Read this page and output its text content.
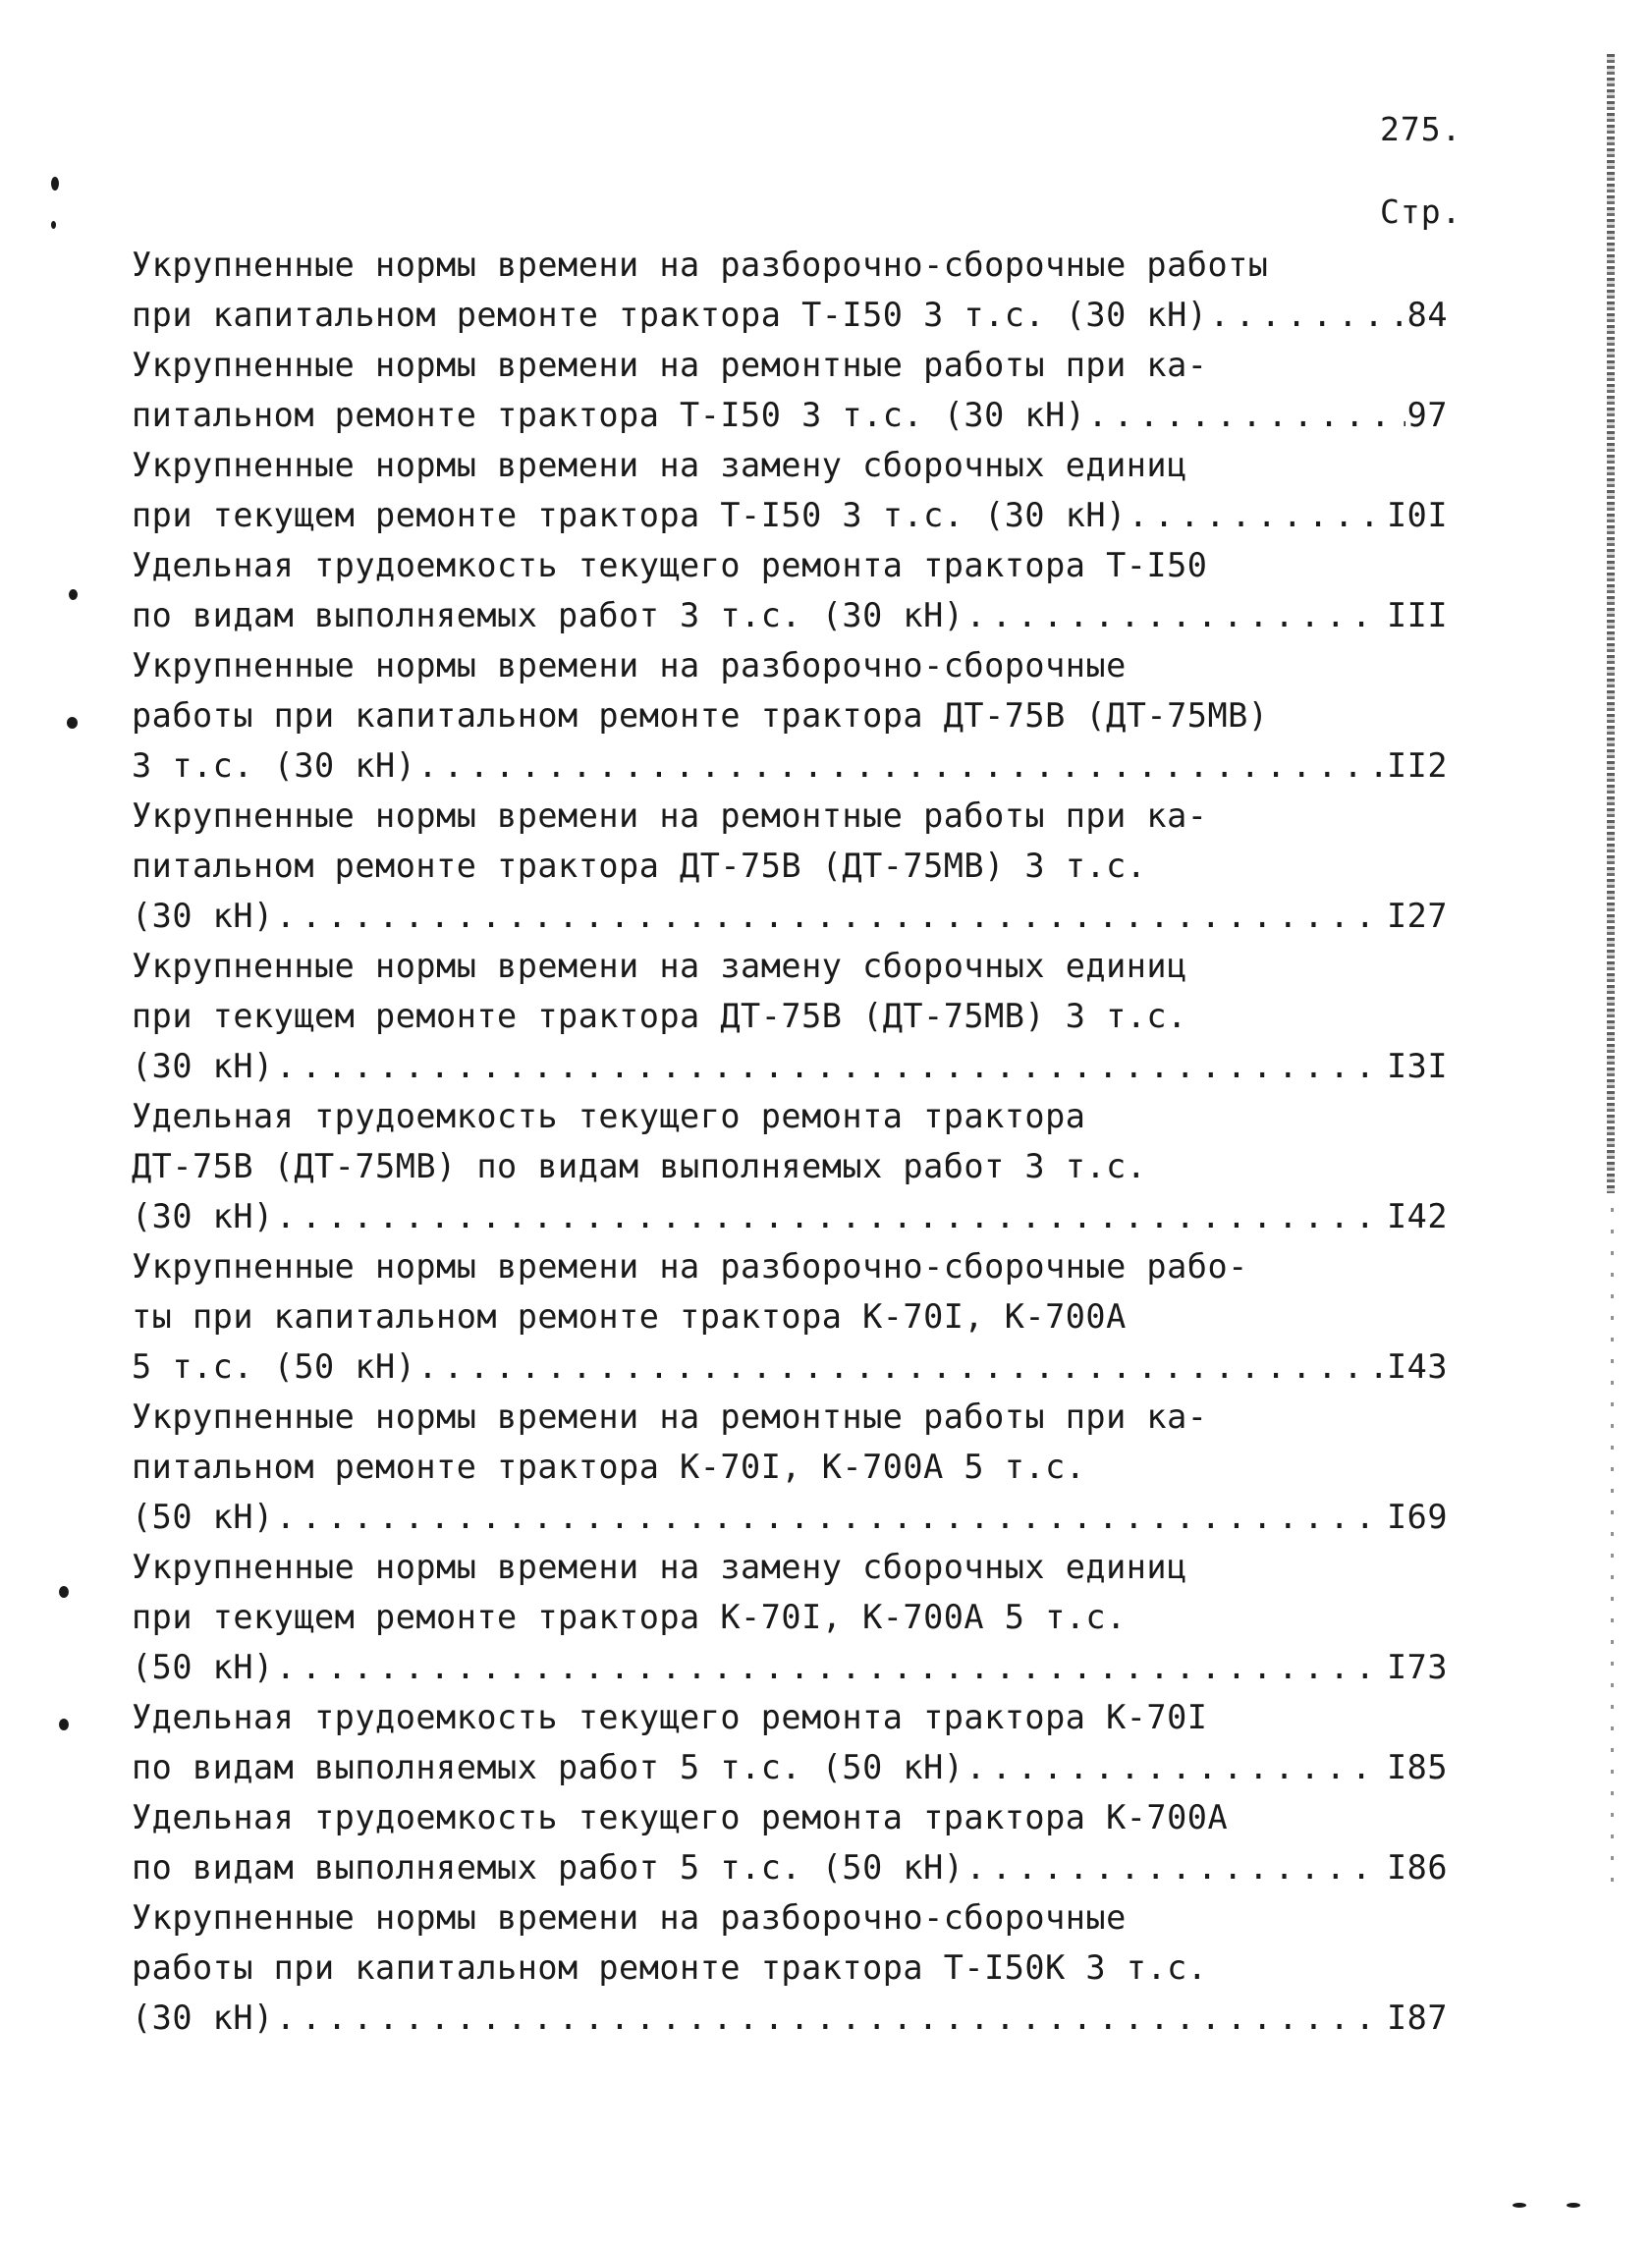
275.
Стр.
Укрупненные нормы времени на разборочно-сборочные работы
при капитальном ремонте трактора Т-I50 3 т.с. (30 кН) .....	84
Укрупненные нормы времени на ремонтные работы при ка-
питальном ремонте трактора Т-I50 3 т.с. (30 кН) .....	97
Укрупненные нормы времени на замену сборочных единиц
при текущем ремонте трактора Т-I50 3 т.с. (30 кН) .....	I0I
Удельная трудоемкость текущего ремонта трактора Т-I50
по видам выполняемых работ 3 т.с. (30 кН) .....	III
Укрупненные нормы времени на разборочно-сборочные
работы при капитальном ремонте трактора ДТ-75В (ДТ-75МВ)
3 т.с. (30 кН) .....	II2
Укрупненные нормы времени на ремонтные работы при ка-
питальном ремонте трактора ДТ-75В (ДТ-75МВ) 3 т.с.
(30 кН) .....	I27
Укрупненные нормы времени на замену сборочных единиц
при текущем ремонте трактора ДТ-75В (ДТ-75МВ) 3 т.с.
(30 кН) .....	I3I
Удельная трудоемкость текущего ремонта трактора
ДТ-75В (ДТ-75МВ) по видам выполняемых работ 3 т.с.
(30 кН) .....	I42
Укрупненные нормы времени на разборочно-сборочные рабо-
ты при капитальном ремонте трактора К-70I, К-700А
5 т.с. (50 кН) .....	I43
Укрупненные нормы времени на ремонтные работы при ка-
питальном ремонте трактора К-70I, К-700А 5 т.с.
(50 кН) .....	I69
Укрупненные нормы времени на замену сборочных единиц
при текущем ремонте трактора К-70I, К-700А 5 т.с.
(50 кН) .....	I73
Удельная трудоемкость текущего ремонта трактора К-70I
по видам выполняемых работ 5 т.с. (50 кН) .....	I85
Удельная трудоемкость текущего ремонта трактора К-700А
по видам выполняемых работ 5 т.с. (50 кН) .....	I86
Укрупненные нормы времени на разборочно-сборочные
работы при капитальном ремонте трактора Т-I50К 3 т.с.
(30 кН) .....	I87
